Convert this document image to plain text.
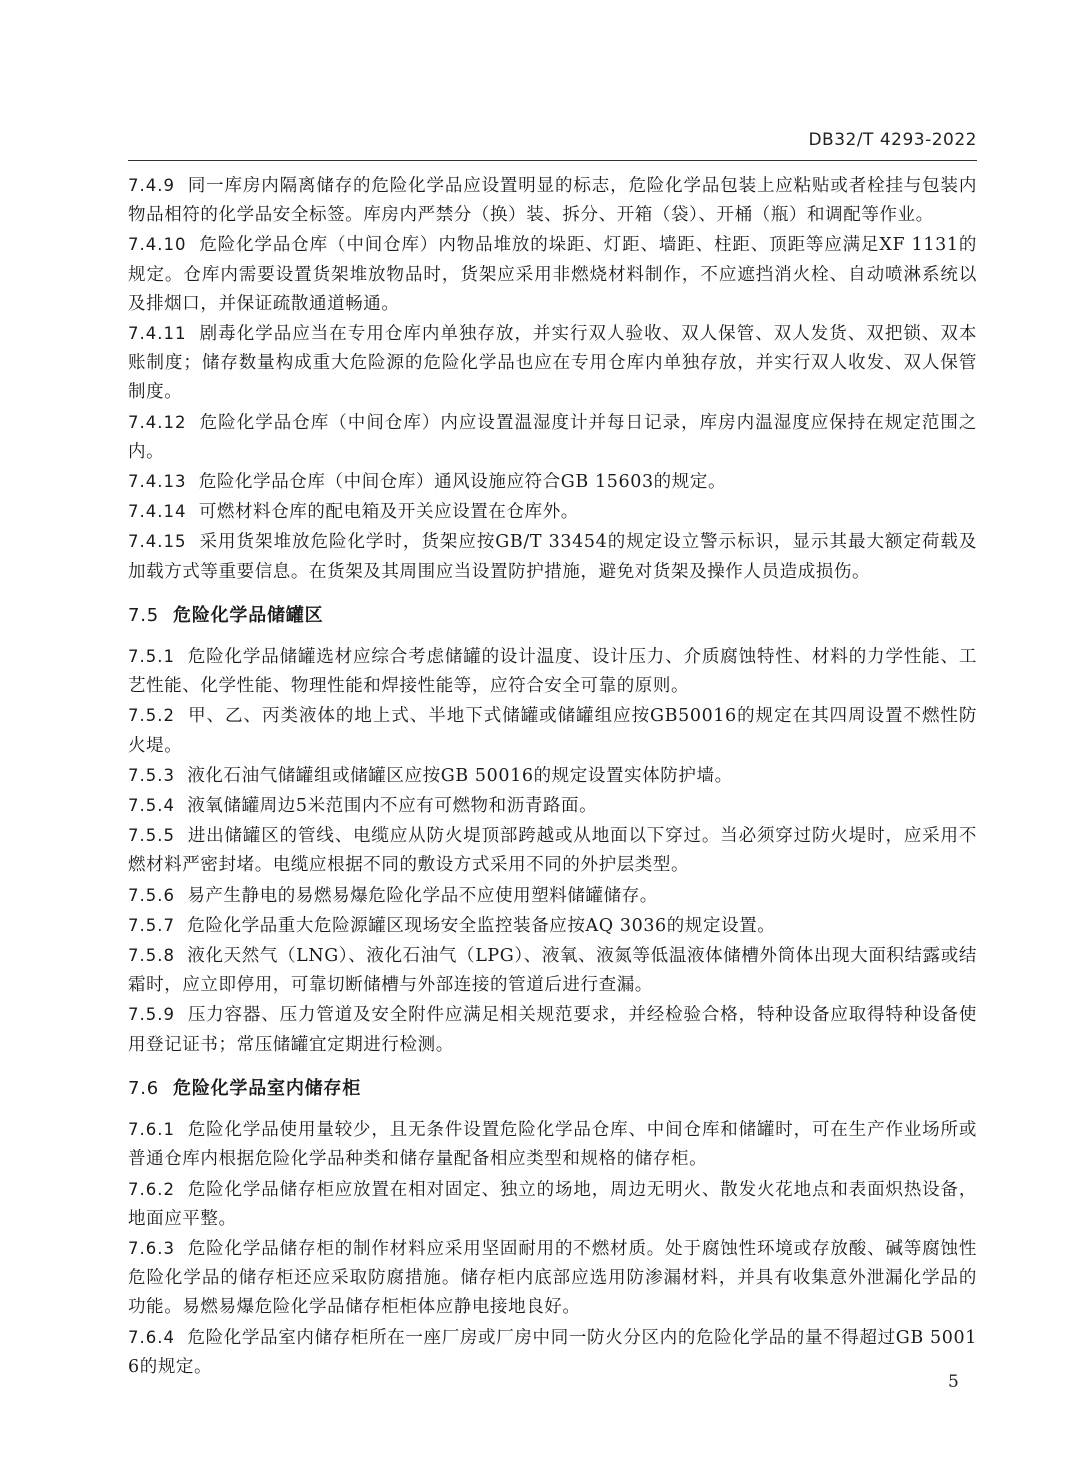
DB32/T 4293-2022

7.4.9 同一库房内隔离储存的危险化学品应设置明显的标志，危险化学品包装上应粘贴或者栓挂与包装内物品相符的化学品安全标签。库房内严禁分（换）装、拆分、开箱（袋）、开桶（瓶）和调配等作业。

7.4.10 危险化学品仓库（中间仓库）内物品堆放的垛距、灯距、墙距、柱距、顶距等应满足XF 1131的规定。仓库内需要设置货架堆放物品时，货架应采用非燃烧材料制作，不应遮挡消火栓、自动喷淋系统以及排烟口，并保证疏散通道畅通。

7.4.11 剧毒化学品应当在专用仓库内单独存放，并实行双人验收、双人保管、双人发货、双把锁、双本账制度；储存数量构成重大危险源的危险化学品也应在专用仓库内单独存放，并实行双人收发、双人保管制度。

7.4.12 危险化学品仓库（中间仓库）内应设置温湿度计并每日记录，库房内温湿度应保持在规定范围之内。

7.4.13 危险化学品仓库（中间仓库）通风设施应符合GB 15603的规定。

7.4.14 可燃材料仓库的配电箱及开关应设置在仓库外。

7.4.15 采用货架堆放危险化学时，货架应按GB/T 33454的规定设立警示标识，显示其最大额定荷载及加载方式等重要信息。在货架及其周围应当设置防护措施，避免对货架及操作人员造成损伤。

7.5 危险化学品储罐区

7.5.1 危险化学品储罐选材应综合考虑储罐的设计温度、设计压力、介质腐蚀特性、材料的力学性能、工艺性能、化学性能、物理性能和焊接性能等，应符合安全可靠的原则。

7.5.2 甲、乙、丙类液体的地上式、半地下式储罐或储罐组应按GB50016的规定在其四周设置不燃性防火堤。

7.5.3 液化石油气储罐组或储罐区应按GB 50016的规定设置实体防护墙。

7.5.4 液氧储罐周边5米范围内不应有可燃物和沥青路面。

7.5.5 进出储罐区的管线、电缆应从防火堤顶部跨越或从地面以下穿过。当必须穿过防火堤时，应采用不燃材料严密封堵。电缆应根据不同的敷设方式采用不同的外护层类型。

7.5.6 易产生静电的易燃易爆危险化学品不应使用塑料储罐储存。

7.5.7 危险化学品重大危险源罐区现场安全监控装备应按AQ 3036的规定设置。

7.5.8 液化天然气（LNG）、液化石油气（LPG）、液氧、液氮等低温液体储槽外筒体出现大面积结露或结霜时，应立即停用，可靠切断储槽与外部连接的管道后进行查漏。

7.5.9 压力容器、压力管道及安全附件应满足相关规范要求，并经检验合格，特种设备应取得特种设备使用登记证书；常压储罐宜定期进行检测。

7.6 危险化学品室内储存柜

7.6.1 危险化学品使用量较少，且无条件设置危险化学品仓库、中间仓库和储罐时，可在生产作业场所或普通仓库内根据危险化学品种类和储存量配备相应类型和规格的储存柜。

7.6.2 危险化学品储存柜应放置在相对固定、独立的场地，周边无明火、散发火花地点和表面炽热设备，地面应平整。

7.6.3 危险化学品储存柜的制作材料应采用坚固耐用的不燃材质。处于腐蚀性环境或存放酸、碱等腐蚀性危险化学品的储存柜还应采取防腐措施。储存柜内底部应选用防渗漏材料，并具有收集意外泄漏化学品的功能。易燃易爆危险化学品储存柜柜体应静电接地良好。

7.6.4 危险化学品室内储存柜所在一座厂房或厂房中同一防火分区内的危险化学品的量不得超过GB 50016的规定。

5
